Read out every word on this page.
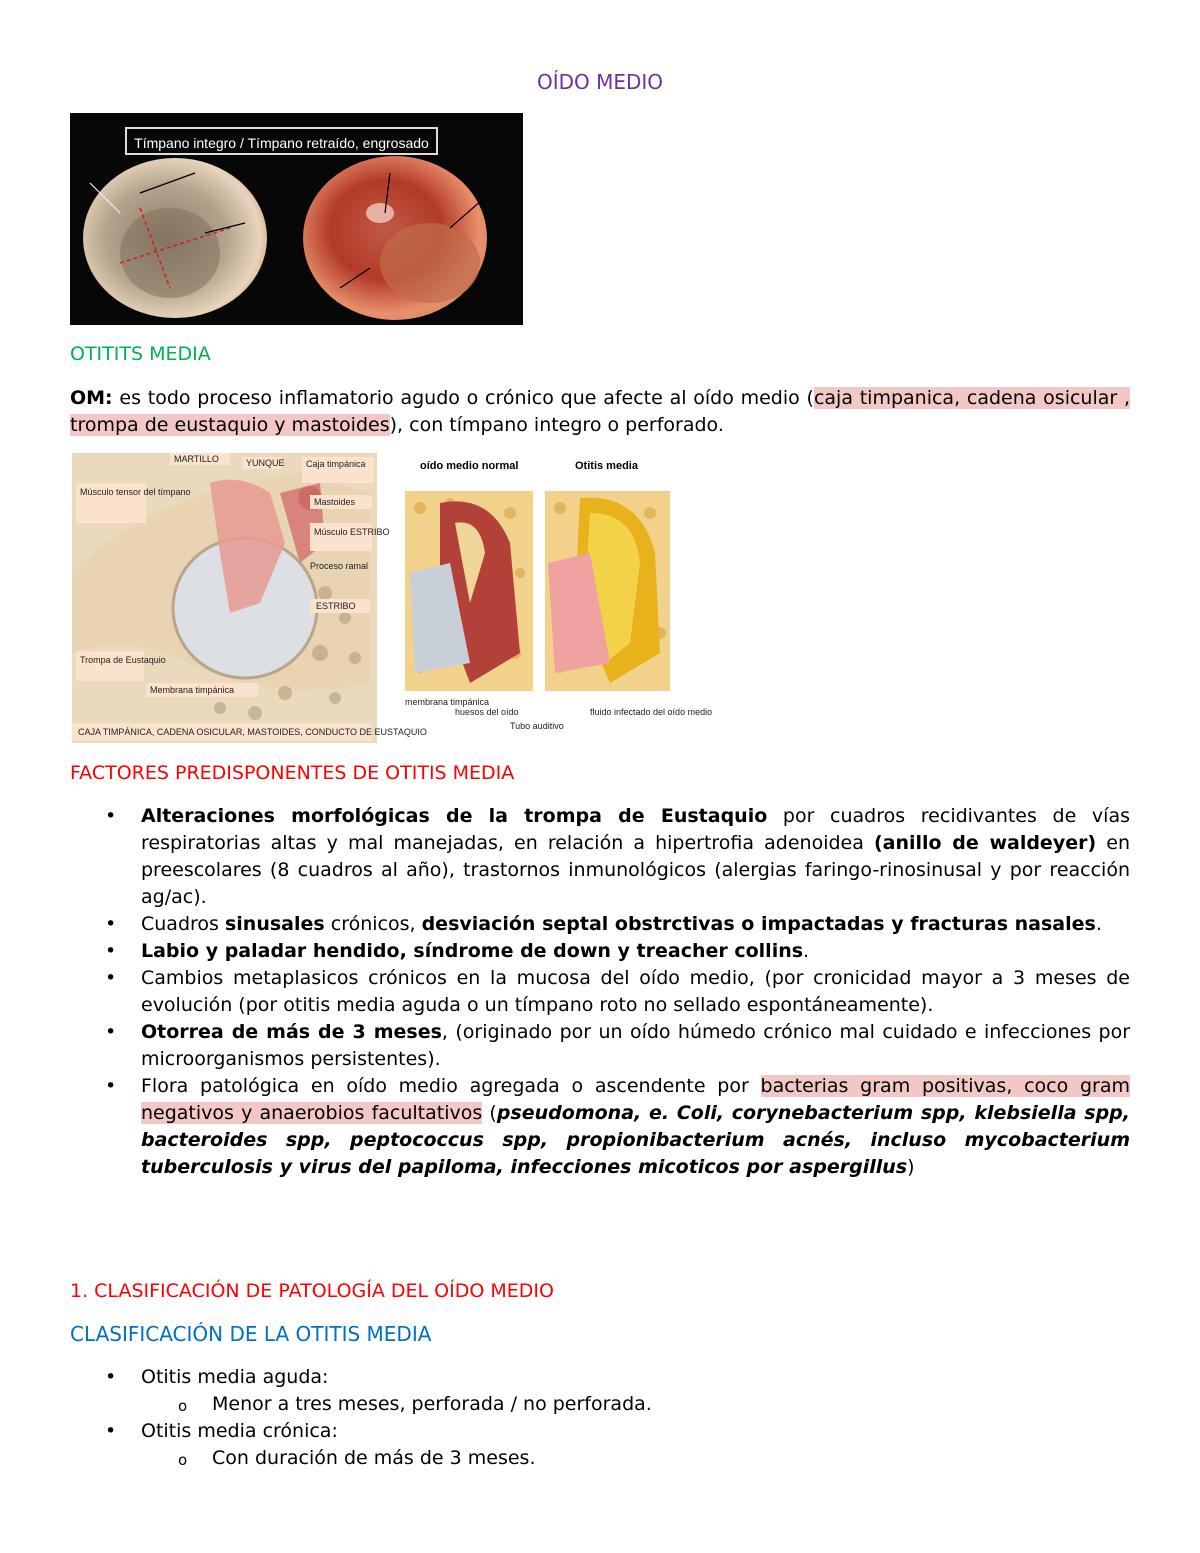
OÍDO MEDIO
Tímpano integro / Tímpano retraído, engrosado
OTITITS MEDIA
OM: es todo proceso inflamatorio agudo o crónico que afecte al oído medio (caja timpanica, cadena osicular , trompa de eustaquio y mastoides), con tímpano integro o perforado.
CAJA TIMPÁNICA, CADENA OSICULAR, MASTOIDES, CONDUCTO DE EUSTAQUIO
MARTILLO	YUNQUE Caja timpánica
Músculo tensor del tímpano
Mastoides
Músculo ESTRIBO
Proceso ramal
ESTRIBO
Trompa de Eustaquio
Membrana timpánica
oído medio normal
membrana timpánica
huesos del oído
Tubo auditivo
Otitis media
fluido infectado del oído medio
FACTORES PREDISPONENTES DE OTITIS MEDIA
• Alteraciones morfológicas de la trompa de Eustaquio por cuadros recidivantes de vías respiratorias altas y mal manejadas, en relación a hipertrofia adenoidea (anillo de waldeyer) en preescolares (8 cuadros al año), trastornos inmunológicos (alergias faringo-rinosinusal y por reacción ag/ac).
• Cuadros sinusales crónicos, desviación septal obstrctivas o impactadas y fracturas nasales.
• Labio y paladar hendido, síndrome de down y treacher collins.
• Cambios metaplasicos crónicos en la mucosa del oído medio, (por cronicidad mayor a 3 meses de evolución (por otitis media aguda o un tímpano roto no sellado espontáneamente).
• Otorrea de más de 3 meses, (originado por un oído húmedo crónico mal cuidado e infecciones por microorganismos persistentes).
• Flora patológica en oído medio agregada o ascendente por bacterias gram positivas, coco gram negativos y anaerobios facultativos (pseudomona, e. Coli, corynebacterium spp, klebsiella spp, bacteroides spp, peptococcus spp, propionibacterium acnés, incluso mycobacterium tuberculosis y virus del papiloma, infecciones micoticos por aspergillus)
1. CLASIFICACIÓN DE PATOLOGÍA DEL OÍDO MEDIO
CLASIFICACIÓN DE LA OTITIS MEDIA
• Otitis media aguda:
o Menor a tres meses, perforada / no perforada.
• Otitis media crónica:
o Con duración de más de 3 meses.
